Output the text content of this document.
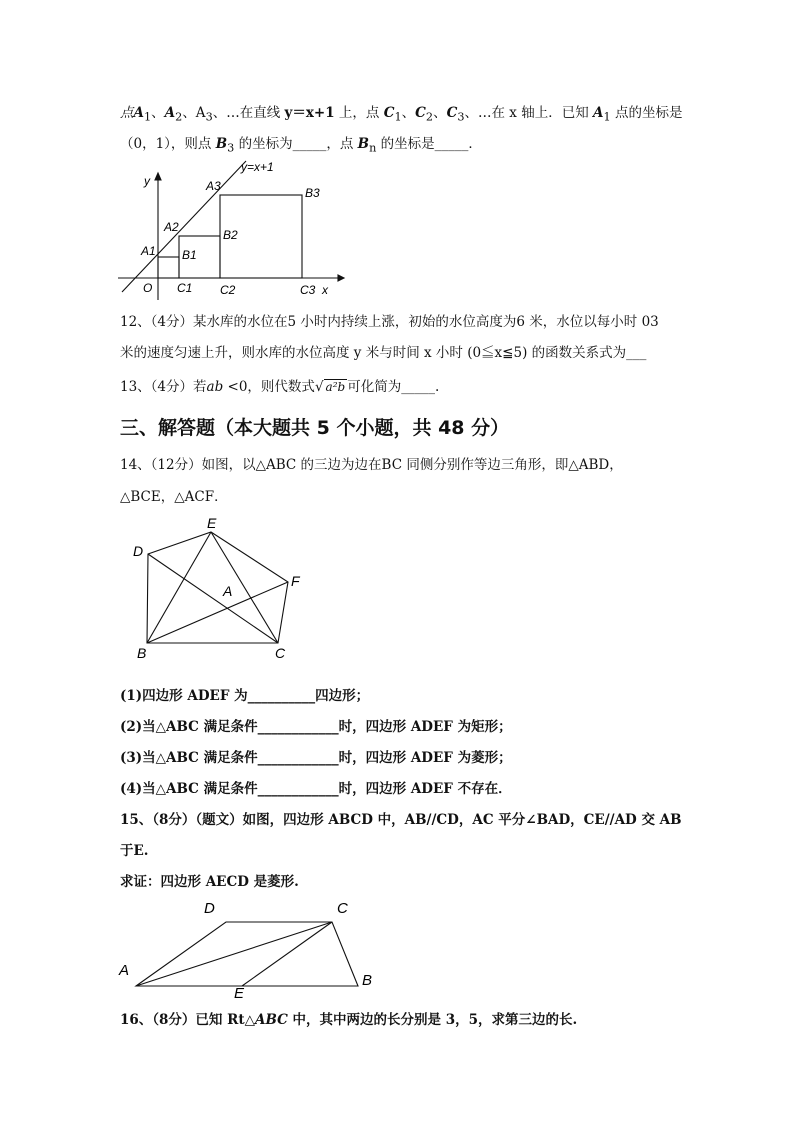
点$A_1$、$A_2$、$A_3$、…在直线 y＝x+1 上，点 $C_1$、$C_2$、$C_3$、…在 x 轴上．已知 $A_1$ 点的坐标是
（0，1），则点 $B_3$ 的坐标为_____，点 $B_n$ 的坐标是_____．
y=x+1
y
x
O
A1
A2
A3
B1
B2
B3
C1 C2	C3
12、（4分）某水库的水位在5 小时内持续上涨，初始的水位高度为6 米，水位以每小时 03
米的速度匀速上升，则水库的水位高度 y 米与时间 x 小时 (0≦x≦5) 的函数关系式为___
13、（4分）若ab <0，则代数式√ a²b 可化简为_____.
三、解答题（本大题共 5 个小题，共 48 分）
14、（12分）如图，以△ABC 的三边为边在BC 同侧分别作等边三角形，即△ABD，
△BCE，△ACF．
D
E
F
A
B	C
(1)四边形 ADEF 为__________四边形；
(2)当△ABC 满足条件____________时，四边形 ADEF 为矩形；
(3)当△ABC 满足条件____________时，四边形 ADEF 为菱形；
(4)当△ABC 满足条件____________时，四边形 ADEF 不存在．
15、（8分）（题文）如图，四边形 ABCD 中，AB//CD，AC 平分∠BAD，CE//AD 交 AB
于E.
求证：四边形 AECD 是菱形.
D	C
A
B
E
16、（8分）已知 Rt△ABC 中，其中两边的长分别是 3，5，求第三边的长.
